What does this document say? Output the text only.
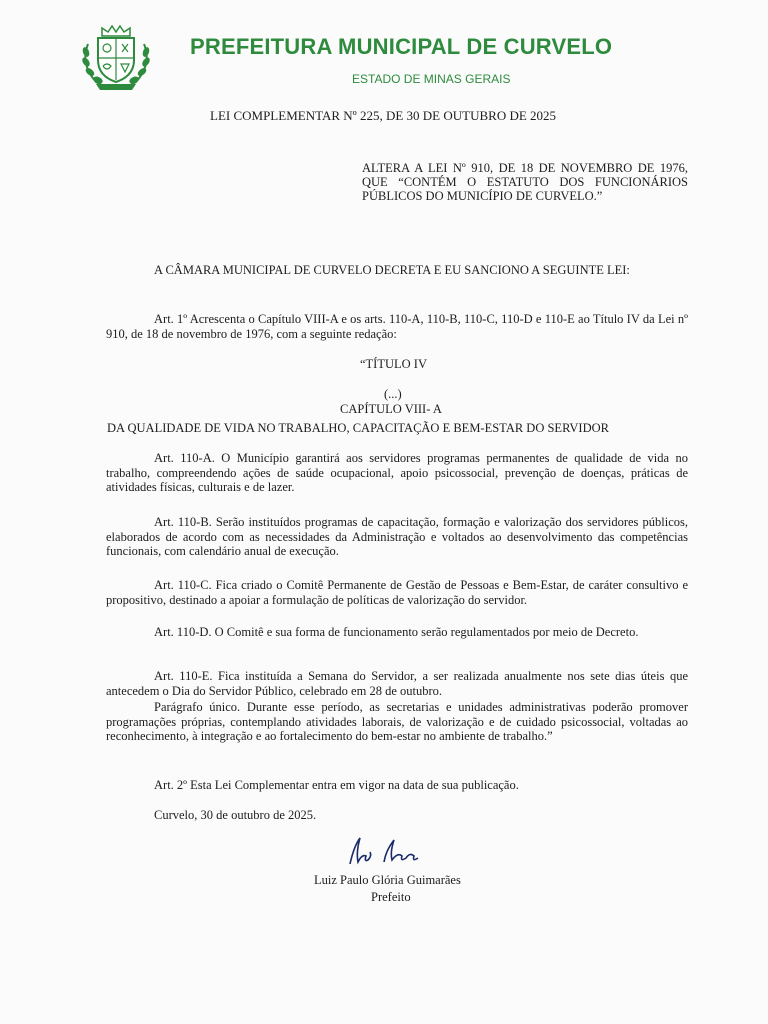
PREFEITURA MUNICIPAL DE CURVELO
ESTADO DE MINAS GERAIS
LEI COMPLEMENTAR Nº 225, DE 30 DE OUTUBRO DE 2025
ALTERA A LEI Nº 910, DE 18 DE NOVEMBRO DE 1976, QUE “CONTÉM O ESTATUTO DOS FUNCIONÁRIOS PÚBLICOS DO MUNICÍPIO DE CURVELO.”
A CÂMARA MUNICIPAL DE CURVELO DECRETA E EU SANCIONO A SEGUINTE LEI:
Art. 1º Acrescenta o Capítulo VIII-A e os arts. 110-A, 110-B, 110-C, 110-D e 110-E ao Título IV da Lei nº 910, de 18 de novembro de 1976, com a seguinte redação:
“TÍTULO IV
(...)
CAPÍTULO VIII- A
DA QUALIDADE DE VIDA NO TRABALHO, CAPACITAÇÃO E BEM-ESTAR DO SERVIDOR
Art. 110-A. O Município garantirá aos servidores programas permanentes de qualidade de vida no trabalho, compreendendo ações de saúde ocupacional, apoio psicossocial, prevenção de doenças, práticas de atividades físicas, culturais e de lazer.
Art. 110-B. Serão instituídos programas de capacitação, formação e valorização dos servidores públicos, elaborados de acordo com as necessidades da Administração e voltados ao desenvolvimento das competências funcionais, com calendário anual de execução.
Art. 110-C. Fica criado o Comitê Permanente de Gestão de Pessoas e Bem-Estar, de caráter consultivo e propositivo, destinado a apoiar a formulação de políticas de valorização do servidor.
Art. 110-D. O Comitê e sua forma de funcionamento serão regulamentados por meio de Decreto.
Art. 110-E. Fica instituída a Semana do Servidor, a ser realizada anualmente nos sete dias úteis que antecedem o Dia do Servidor Público, celebrado em 28 de outubro.
Parágrafo único. Durante esse período, as secretarias e unidades administrativas poderão promover programações próprias, contemplando atividades laborais, de valorização e de cuidado psicossocial, voltadas ao reconhecimento, à integração e ao fortalecimento do bem-estar no ambiente de trabalho.”
Art. 2º Esta Lei Complementar entra em vigor na data de sua publicação.
Curvelo, 30 de outubro de 2025.
Luiz Paulo Glória Guimarães
Prefeito
